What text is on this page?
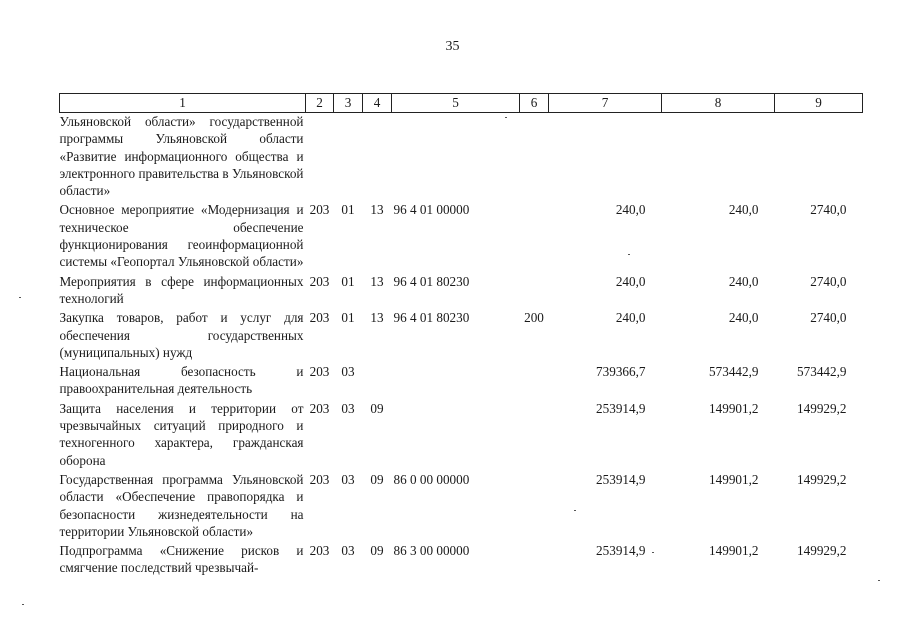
35
1	2	3	4	5	6	7	8	9
Ульяновской области» государственной программы Ульяновской области «Развитие информационного общества и электронного правительства в Ульяновской области»								
Основное мероприятие «Модернизация и техническое обеспечение функционирования геоинформационной системы «Геопортал Ульяновской области»	203	01	13	96 4 01 00000		240,0	240,0	2740,0
Мероприятия в сфере информационных технологий	203	01	13	96 4 01 80230		240,0	240,0	2740,0
Закупка товаров, работ и услуг для обеспечения государственных (муниципальных) нужд	203	01	13	96 4 01 80230	200	240,0	240,0	2740,0
Национальная безопасность и правоохранительная деятельность	203	03				739366,7	573442,9	573442,9
Защита населения и территории от чрезвычайных ситуаций природного и техногенного характера, гражданская оборона	203	03	09			253914,9	149901,2	149929,2
Государственная программа Ульяновской области «Обеспечение правопорядка и безопасности жизнедеятельности на территории Ульяновской области»	203	03	09	86 0 00 00000		253914,9	149901,2	149929,2
Подпрограмма «Снижение рисков и смягчение последствий чрезвычай-	203	03	09	86 3 00 00000		253914,9	149901,2	149929,2
